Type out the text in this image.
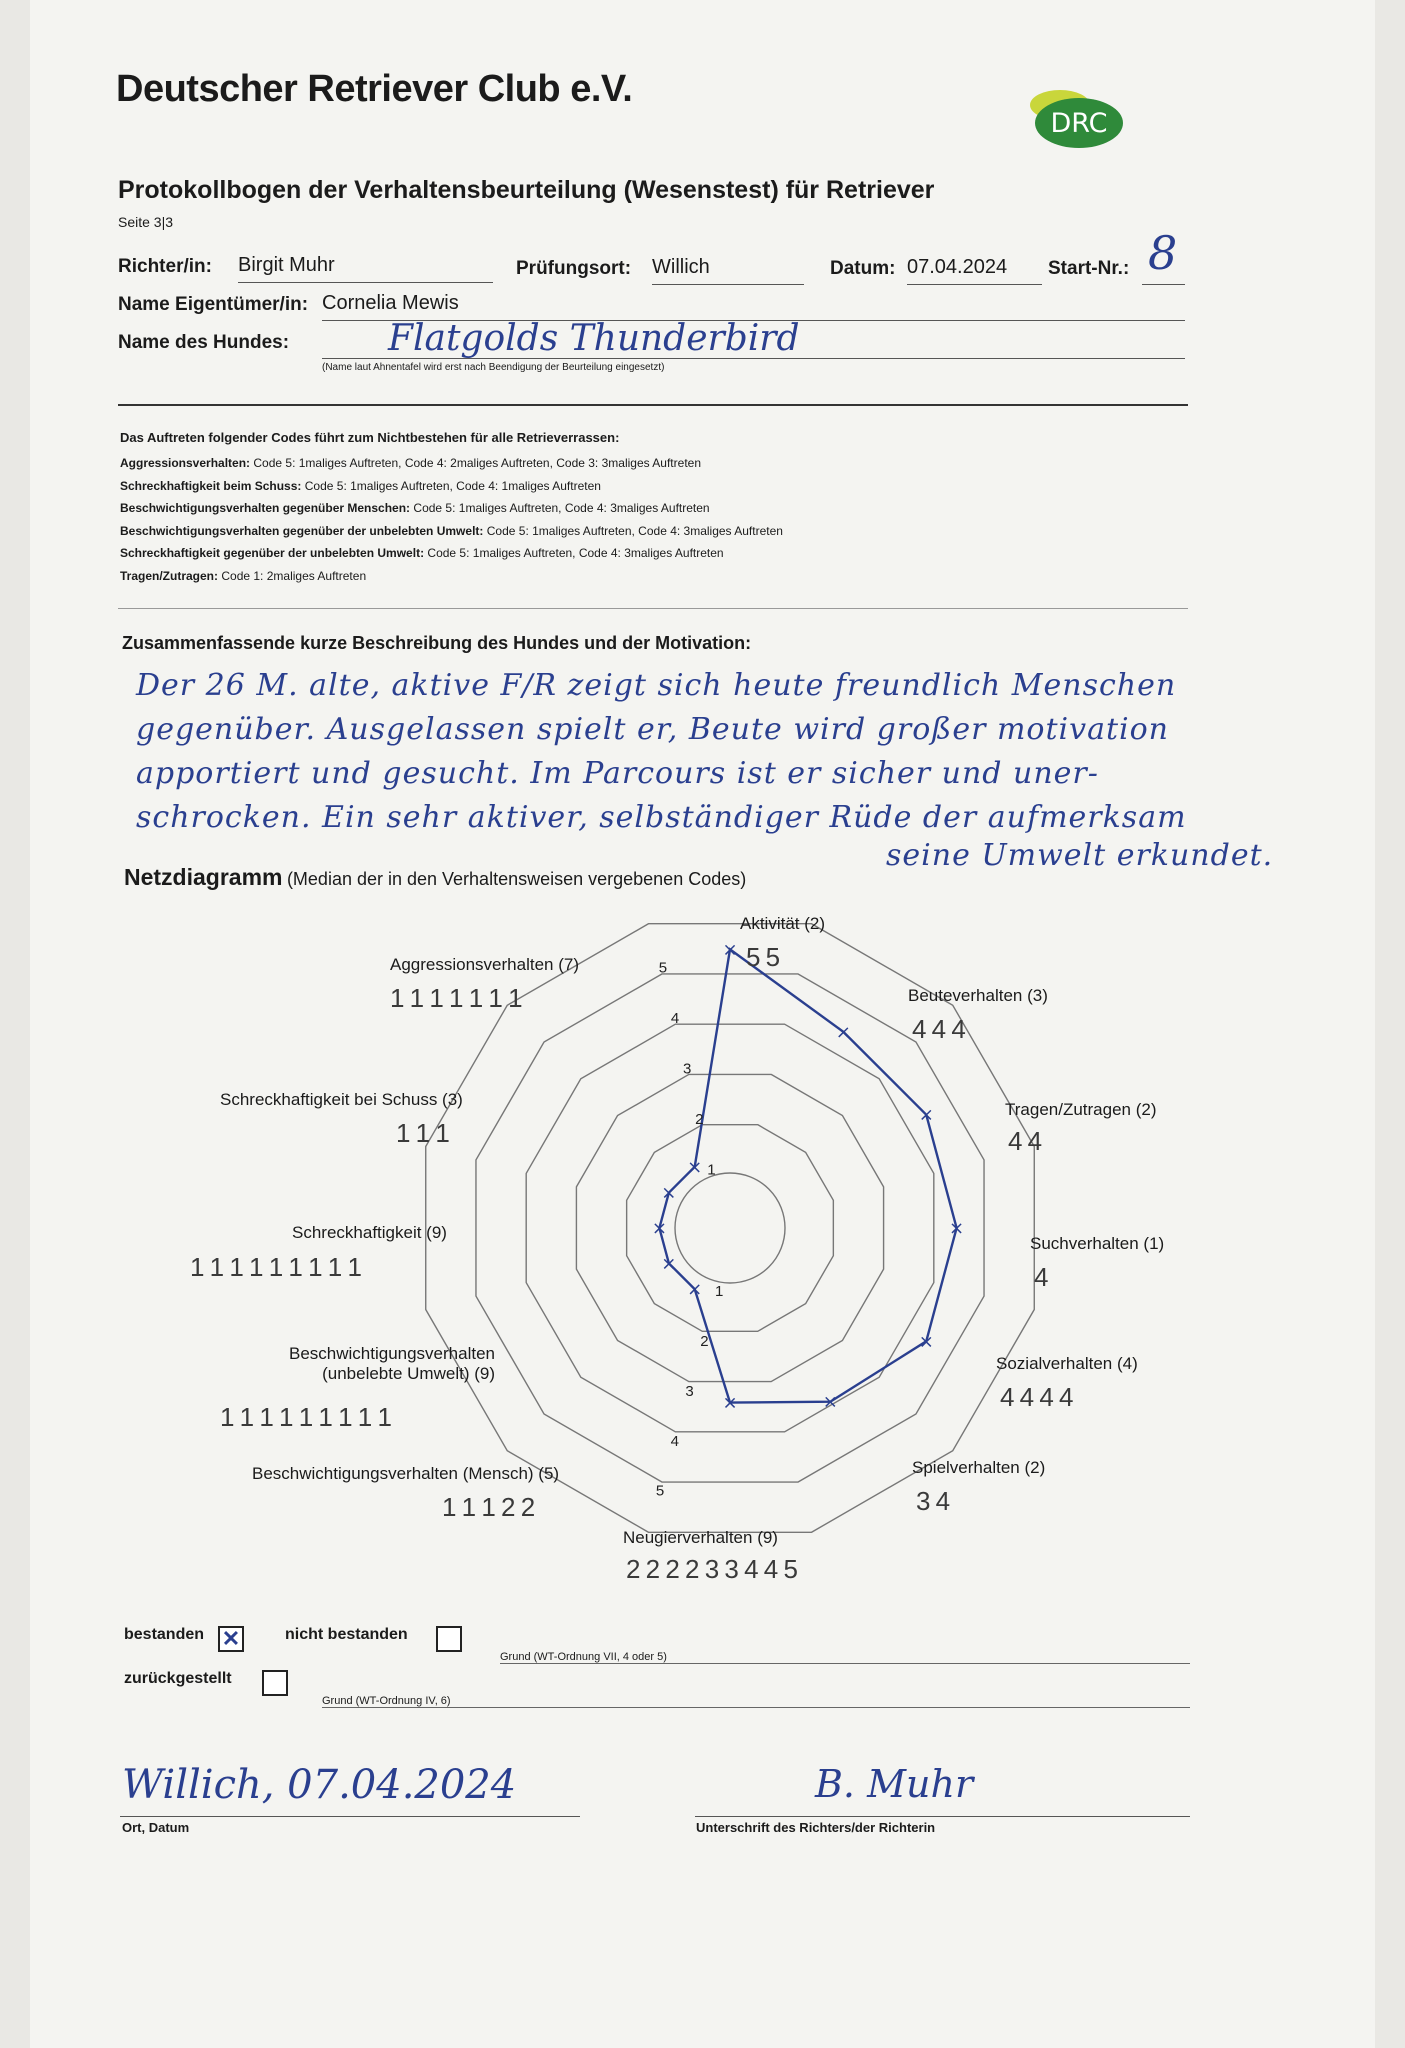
Deutscher Retriever Club e.V.
DRC
Protokollbogen der Verhaltensbeurteilung (Wesenstest) für Retriever
Seite 3|3
Richter/in: Birgit Muhr	Prüfungsort: Willich	Datum: 07.04.2024	Start-Nr.: 8
Name Eigentümer/in: Cornelia Mewis
Name des Hundes:	Flatgolds Thunderbird
(Name laut Ahnentafel wird erst nach Beendigung der Beurteilung eingesetzt)
Das Auftreten folgender Codes führt zum Nichtbestehen für alle Retrieverrassen:
Aggressionsverhalten: Code 5: 1maliges Auftreten, Code 4: 2maliges Auftreten, Code 3: 3maliges Auftreten
Schreckhaftigkeit beim Schuss: Code 5: 1maliges Auftreten, Code 4: 1maliges Auftreten
Beschwichtigungsverhalten gegenüber Menschen: Code 5: 1maliges Auftreten, Code 4: 3maliges Auftreten
Beschwichtigungsverhalten gegenüber der unbelebten Umwelt: Code 5: 1maliges Auftreten, Code 4: 3maliges Auftreten
Schreckhaftigkeit gegenüber der unbelebten Umwelt: Code 5: 1maliges Auftreten, Code 4: 3maliges Auftreten
Tragen/Zutragen: Code 1: 2maliges Auftreten
Zusammenfassende kurze Beschreibung des Hundes und der Motivation:
Der 26 M. alte, aktive F/R zeigt sich heute freundlich Menschen
gegenüber. Ausgelassen spielt er, Beute wird großer motivation
apportiert und gesucht. Im Parcours ist er sicher und uner-
schrocken. Ein sehr aktiver, selbständiger Rüde der aufmerksam
seine Umwelt erkundet.
Netzdiagramm (Median der in den Verhaltensweisen vergebenen Codes)
×
×
×
×
×
×
×
×
×
×
×
× 1
2
3
4
5
1
2
3
4
5
Aktivität (2)
5 5
Beuteverhalten (3)
4 4 4
Tragen/Zutragen (2)
4 4
Suchverhalten (1)
4
Sozialverhalten (4)
4 4 4 4
Spielverhalten (2)
3 4
Neugierverhalten (9)
2 2 2 2 3 3 4 4 5
Beschwichtigungsverhalten (Mensch) (5)
1 1 1 2 2
Beschwichtigungsverhalten (unbelebte Umwelt) (9)
1 1 1 1 1 1 1 1 1
Schreckhaftigkeit (9)
1 1 1 1 1 1 1 1 1
Schreckhaftigkeit bei Schuss (3)
1 1 1
Aggressionsverhalten (7)
1 1 1 1 1 1 1
bestanden ✕	nicht bestanden
Grund (WT-Ordnung VII, 4 oder 5)
zurückgestellt
Grund (WT-Ordnung IV, 6)
Willich, 07.04.2024
Ort, Datum
B. Muhr
Unterschrift des Richters/der Richterin
